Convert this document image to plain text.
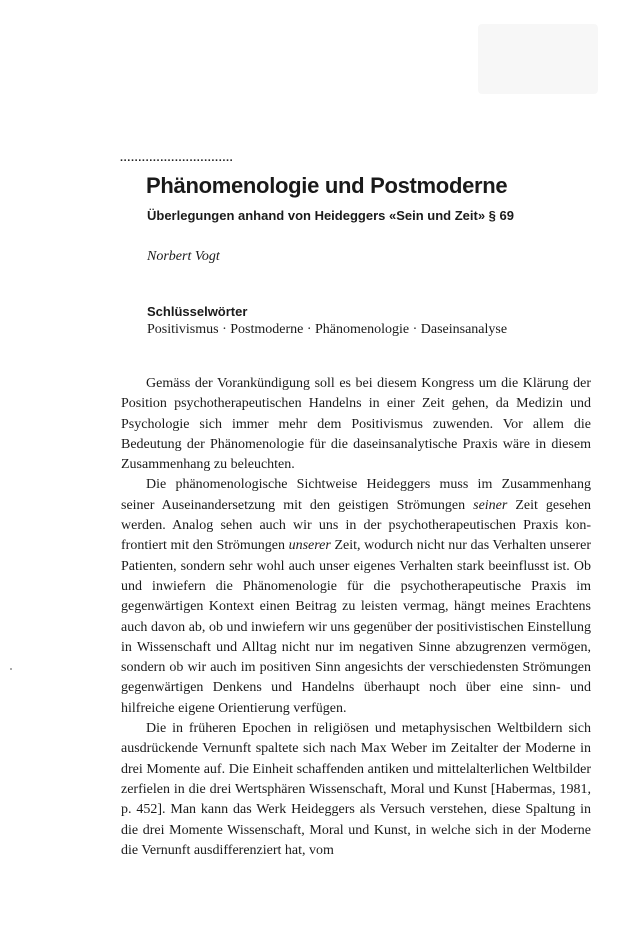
...............................
Phänomenologie und Postmoderne
Überlegungen anhand von Heideggers «Sein und Zeit» § 69
Norbert Vogt
Schlüsselwörter
Positivismus · Postmoderne · Phänomenologie · Daseinsanalyse

Gemäss der Vorankündigung soll es bei diesem Kongress um die Klärung der Position psychotherapeutischen Handelns in einer Zeit gehen, da Medizin und Psychologie sich immer mehr dem Positivismus zuwenden. Vor allem die Bedeutung der Phänomenologie für die daseinsanalytische Praxis wäre in diesem Zusammenhang zu beleuchten.

Die phänomenologische Sichtweise Heideggers muss im Zusammenhang seiner Auseinandersetzung mit den geistigen Strömungen seiner Zeit gesehen werden. Analog sehen auch wir uns in der psychotherapeutischen Praxis konfrontiert mit den Strömungen unserer Zeit, wodurch nicht nur das Verhalten unserer Patienten, sondern sehr wohl auch unser eigenes Verhalten stark beeinflusst ist. Ob und inwiefern die Phänomenologie für die psychotherapeutische Praxis im gegenwärtigen Kontext einen Beitrag zu leisten vermag, hängt meines Erachtens auch davon ab, ob und inwiefern wir uns gegenüber der positivistischen Einstellung in Wissenschaft und Alltag nicht nur im negativen Sinne abzugrenzen vermögen, sondern ob wir auch im positiven Sinn angesichts der verschiedensten Strömungen gegenwärtigen Denkens und Handelns überhaupt noch über eine sinn- und hilfreiche eigene Orientierung verfügen.

Die in früheren Epochen in religiösen und metaphysischen Weltbildern sich ausdrückende Vernunft spaltete sich nach Max Weber im Zeitalter der Moderne in drei Momente auf. Die Einheit schaffenden antiken und mittelalterlichen Weltbilder zerfielen in die drei Wertsphären Wissenschaft, Moral und Kunst [Habermas, 1981, p. 452]. Man kann das Werk Heideggers als Versuch verstehen, diese Spaltung in die drei Momente Wissenschaft, Moral und Kunst, in welche sich in der Moderne die Vernunft ausdifferenziert hat, vom
